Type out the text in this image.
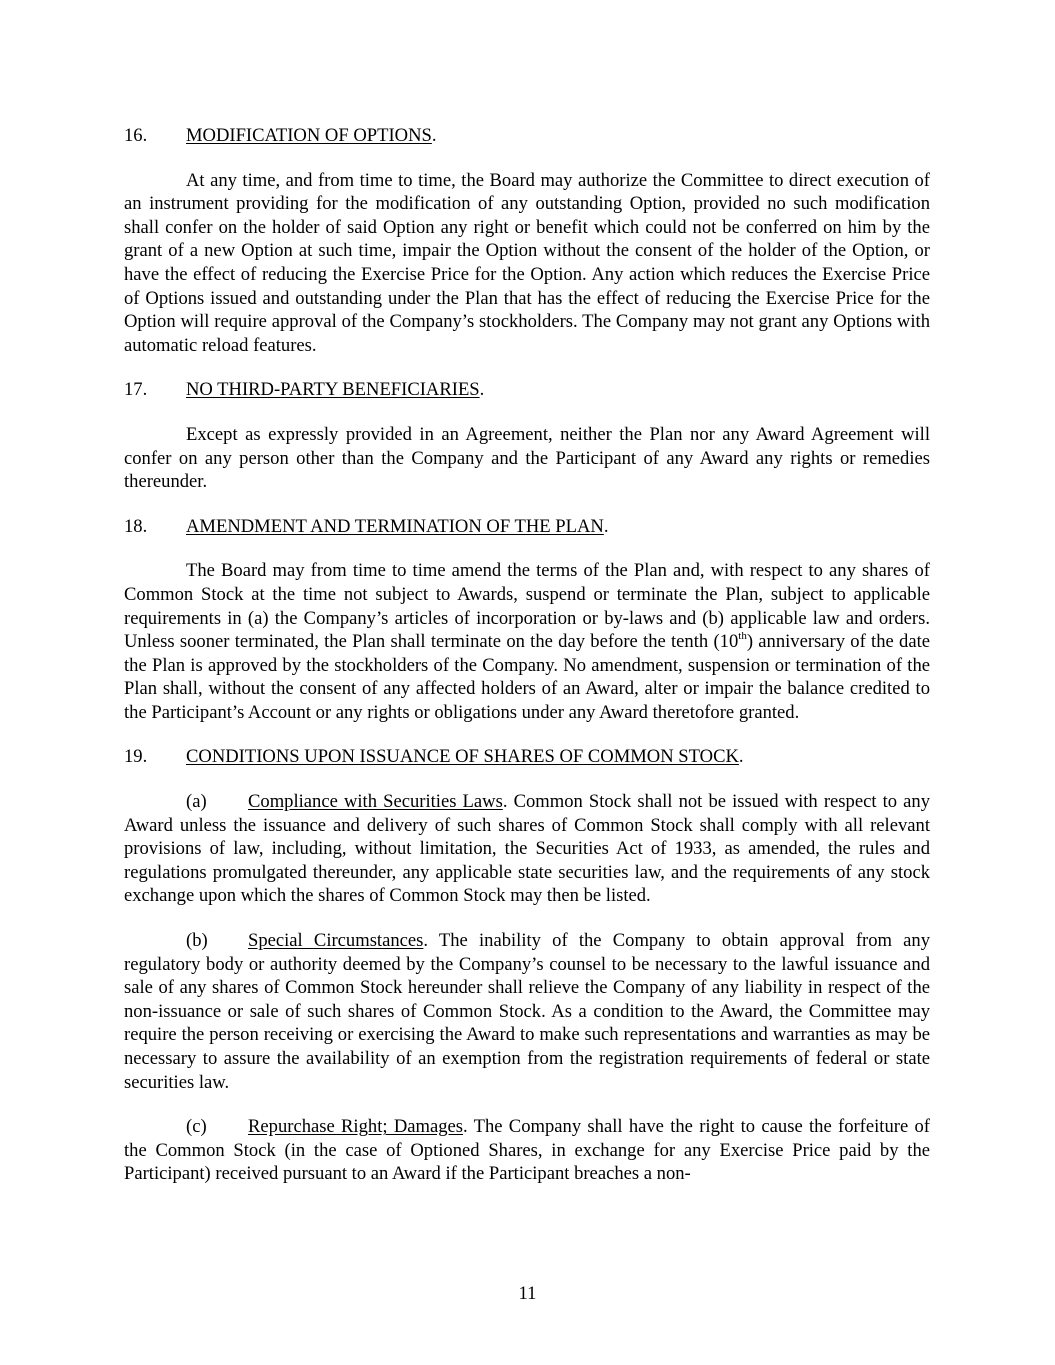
16. MODIFICATION OF OPTIONS.

At any time, and from time to time, the Board may authorize the Committee to direct execution of an instrument providing for the modification of any outstanding Option, provided no such modification shall confer on the holder of said Option any right or benefit which could not be conferred on him by the grant of a new Option at such time, impair the Option without the consent of the holder of the Option, or have the effect of reducing the Exercise Price for the Option. Any action which reduces the Exercise Price of Options issued and outstanding under the Plan that has the effect of reducing the Exercise Price for the Option will require approval of the Company’s stockholders. The Company may not grant any Options with automatic reload features.

17. NO THIRD-PARTY BENEFICIARIES.

Except as expressly provided in an Agreement, neither the Plan nor any Award Agreement will confer on any person other than the Company and the Participant of any Award any rights or remedies thereunder.

18. AMENDMENT AND TERMINATION OF THE PLAN.

The Board may from time to time amend the terms of the Plan and, with respect to any shares of Common Stock at the time not subject to Awards, suspend or terminate the Plan, subject to applicable requirements in (a) the Company’s articles of incorporation or by-laws and (b) applicable law and orders. Unless sooner terminated, the Plan shall terminate on the day before the tenth (10th) anniversary of the date the Plan is approved by the stockholders of the Company. No amendment, suspension or termination of the Plan shall, without the consent of any affected holders of an Award, alter or impair the balance credited to the Participant’s Account or any rights or obligations under any Award theretofore granted.

19. CONDITIONS UPON ISSUANCE OF SHARES OF COMMON STOCK.

(a) Compliance with Securities Laws. Common Stock shall not be issued with respect to any Award unless the issuance and delivery of such shares of Common Stock shall comply with all relevant provisions of law, including, without limitation, the Securities Act of 1933, as amended, the rules and regulations promulgated thereunder, any applicable state securities law, and the requirements of any stock exchange upon which the shares of Common Stock may then be listed.

(b) Special Circumstances. The inability of the Company to obtain approval from any regulatory body or authority deemed by the Company’s counsel to be necessary to the lawful issuance and sale of any shares of Common Stock hereunder shall relieve the Company of any liability in respect of the non-issuance or sale of such shares of Common Stock. As a condition to the Award, the Committee may require the person receiving or exercising the Award to make such representations and warranties as may be necessary to assure the availability of an exemption from the registration requirements of federal or state securities law.

(c) Repurchase Right; Damages. The Company shall have the right to cause the forfeiture of the Common Stock (in the case of Optioned Shares, in exchange for any Exercise Price paid by the Participant) received pursuant to an Award if the Participant breaches a non-

11
